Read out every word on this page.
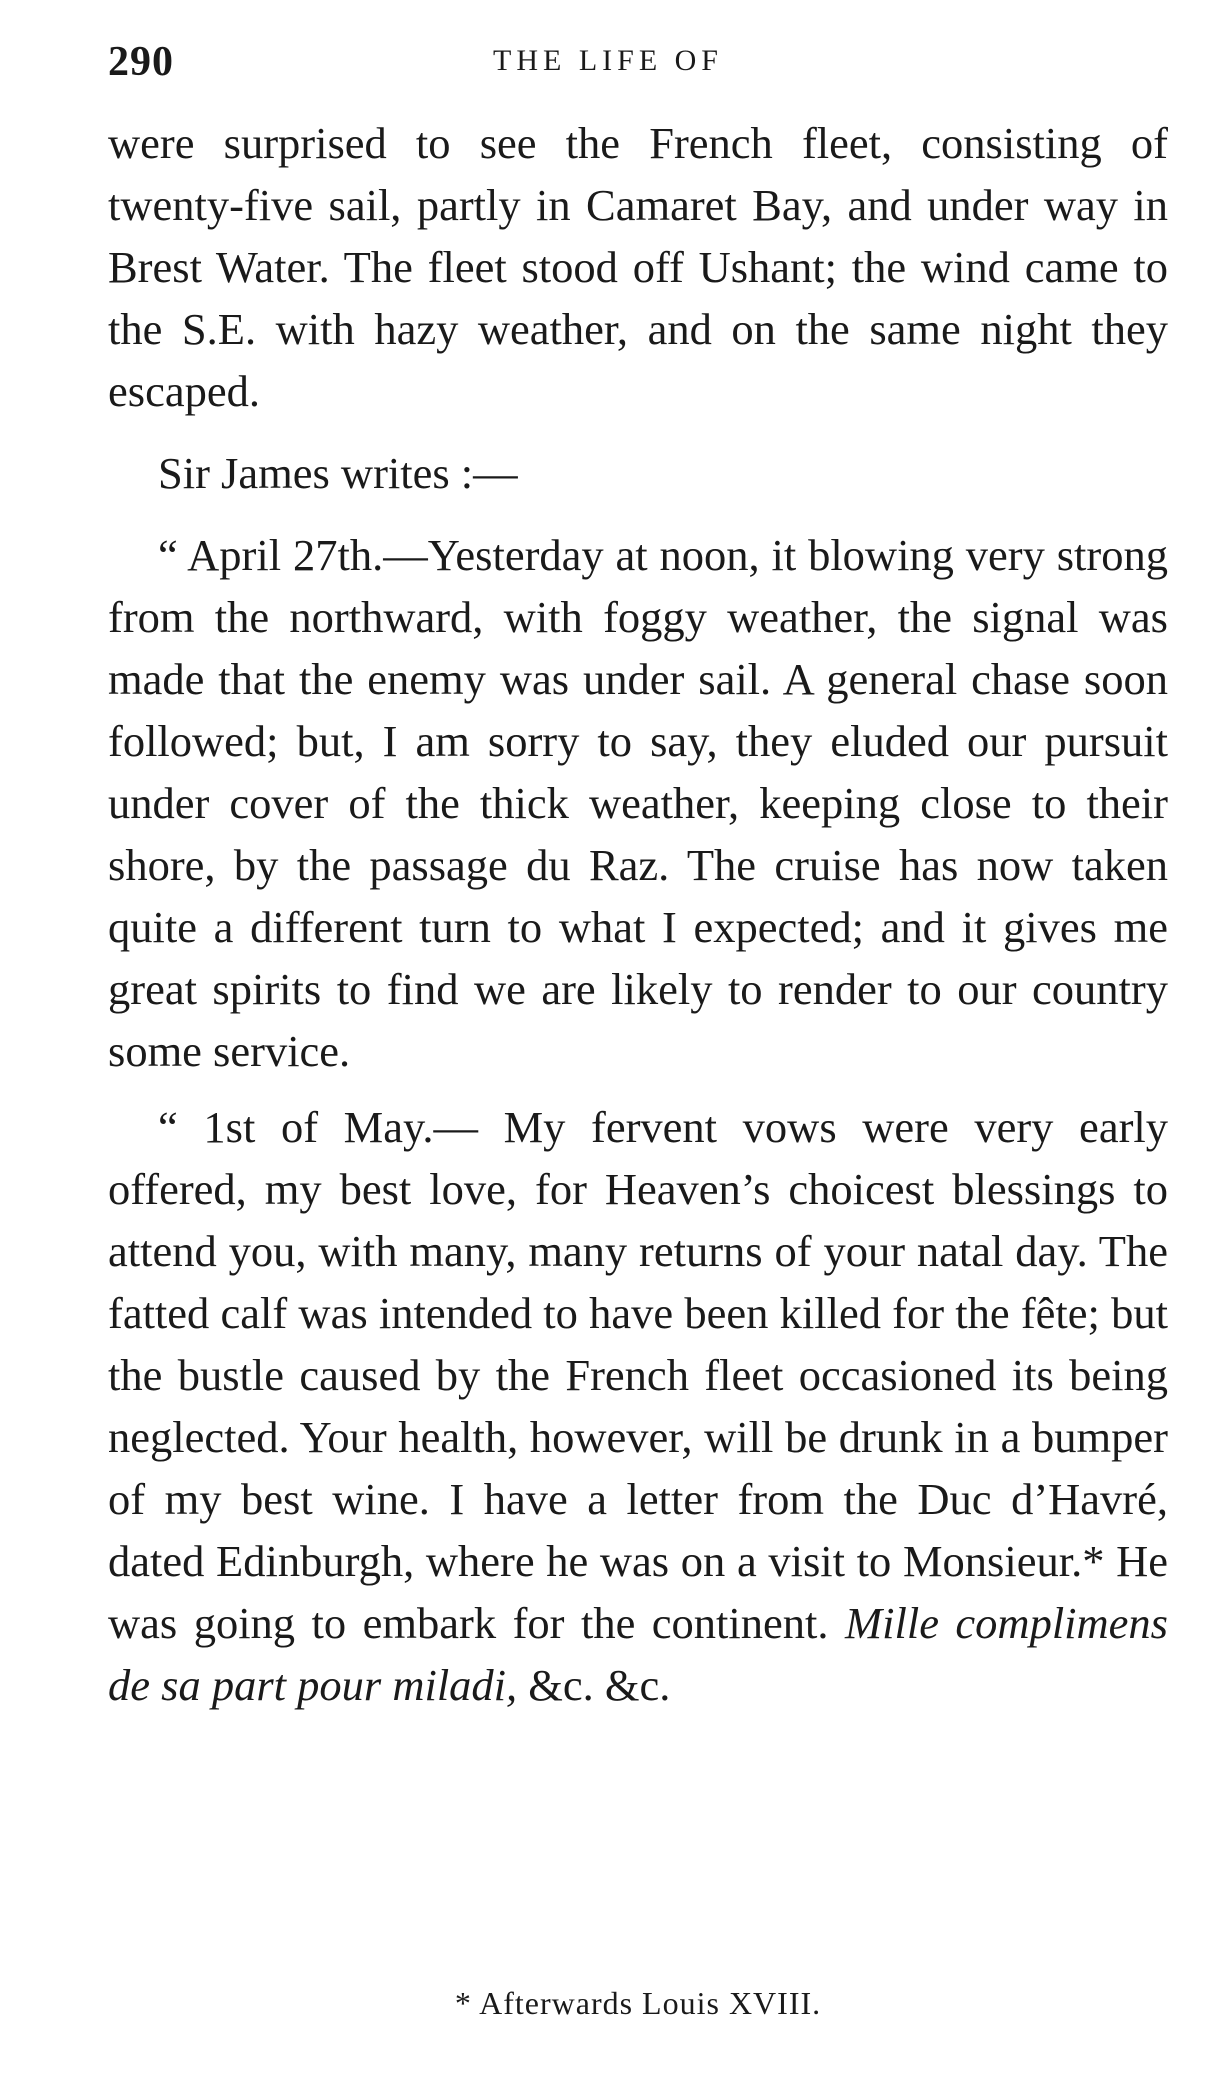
290	THE LIFE OF

were surprised to see the French fleet, consisting of twenty-five sail, partly in Camaret Bay, and under way in Brest Water. The fleet stood off Ushant; the wind came to the S.E. with hazy weather, and on the same night they escaped.

Sir James writes :—

“ April 27th.—Yesterday at noon, it blowing very strong from the northward, with foggy weather, the signal was made that the enemy was under sail. A general chase soon followed; but, I am sorry to say, they eluded our pursuit under cover of the thick weather, keeping close to their shore, by the passage du Raz. The cruise has now taken quite a different turn to what I expected; and it gives me great spirits to find we are likely to render to our country some service.

“ 1st of May.— My fervent vows were very early offered, my best love, for Heaven’s choicest blessings to attend you, with many, many returns of your natal day. The fatted calf was intended to have been killed for the fête; but the bustle caused by the French fleet occasioned its being neglected. Your health, however, will be drunk in a bumper of my best wine. I have a letter from the Duc d’Havré, dated Edinburgh, where he was on a visit to Monsieur.* He was going to embark for the continent. Mille complimens de sa part pour miladi, &c. &c.

* Afterwards Louis XVIII.
